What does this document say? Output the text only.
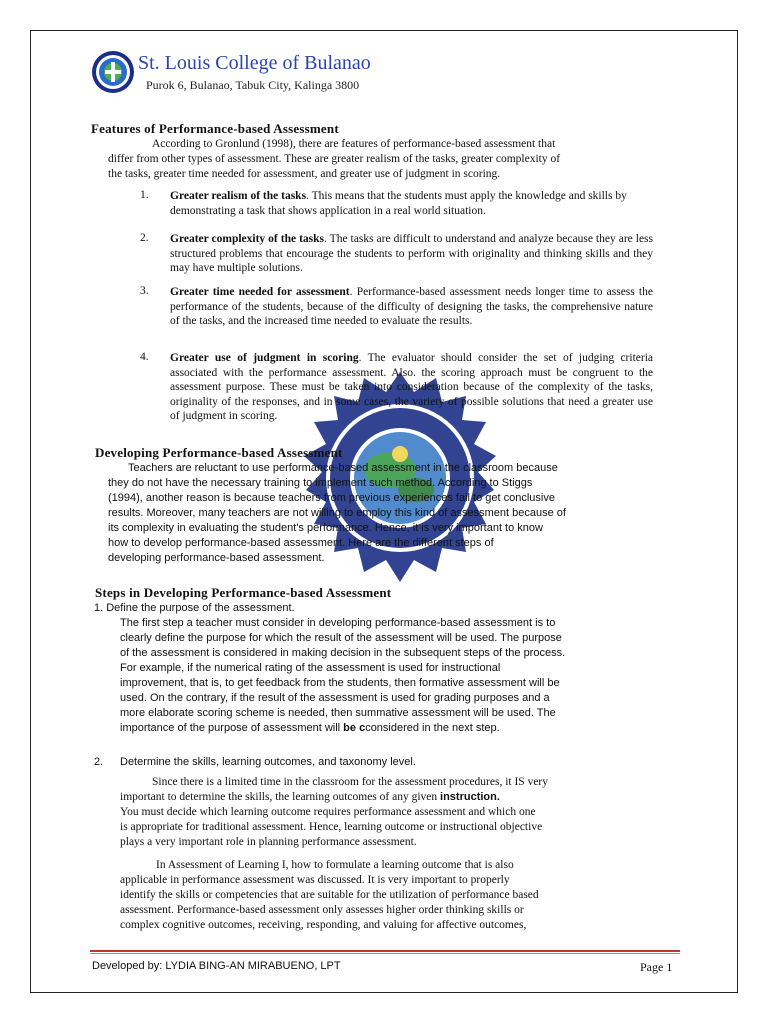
St. Louis College of Bulanao
Purok 6, Bulanao, Tabuk City, Kalinga 3800
Features of Performance-based Assessment

According to Gronlund (1998), there are features of performance-based assessment that

differ from other types of assessment. These are greater realism of the tasks, greater complexity of

the tasks, greater time needed for assessment, and greater use of judgment in scoring.

1. Greater realism of the tasks. This means that the students must apply the knowledge and skills by demonstrating a task that shows application in a real world situation.
2. Greater complexity of the tasks. The tasks are difficult to understand and analyze because they are less structured problems that encourage the students to perform with originality and thinking skills and they may have multiple solutions.
3. Greater time needed for assessment. Performance-based assessment needs longer time to assess the performance of the students, because of the difficulty of designing the tasks, the comprehensive nature of the tasks, and the increased time needed to evaluate the results.
4. Greater use of judgment in scoring. The evaluator should consider the set of judging criteria associated with the performance assessment. Also. the scoring approach must be congruent to the assessment purpose. These must be taken into consideration because of the complexity of the tasks, originality of the responses, and in some cases, the variety of possible solutions that need a greater use of judgment in scoring.
Developing Performance-based Assessment

Teachers are reluctant to use performance-based assessment in the classroom because

they do not have the necessary training to implement such method. According to Stiggs

(1994), another reason is because teachers from previous experiences fail to get conclusive

results. Moreover, many teachers are not willing to employ this kind of assessment because of

its complexity in evaluating the student's performance. Hence, it is very important to know

how to develop performance-based assessment. Here are the different steps of

developing performance-based assessment.

Steps in Developing Performance-based Assessment
1. Define the purpose of the assessment.

The first step a teacher must consider in developing performance-based assessment is to

clearly define the purpose for which the result of the assessment will be used. The purpose

of the assessment is considered in making decision in the subsequent steps of the process.

For example, if the numerical rating of the assessment is used for instructional

improvement, that is, to get feedback from the students, then formative assessment will be

used. On the contrary, if the result of the assessment is used for grading purposes and a

more elaborate scoring scheme is needed, then summative assessment will be used. The

importance of the purpose of assessment will be cconsidered in the next step.

2. Determine the skills, learning outcomes, and taxonomy level.

Since there is a limited time in the classroom for the assessment procedures, it IS very

important to determine the skills, the learning outcomes of any given instruction.

You must decide which learning outcome requires performance assessment and which one

is appropriate for traditional assessment. Hence, learning outcome or instructional objective

plays a very important role in planning performance assessment.

In Assessment of Learning I, how to formulate a learning outcome that is also

applicable in performance assessment was discussed. It is very important to properly

identify the skills or competencies that are suitable for the utilization of performance based

assessment. Performance-based assessment only assesses higher order thinking skills or

complex cognitive outcomes, receiving, responding, and valuing for affective outcomes,

Developed by: LYDIA BING-AN MIRABUENO, LPT	Page 1
